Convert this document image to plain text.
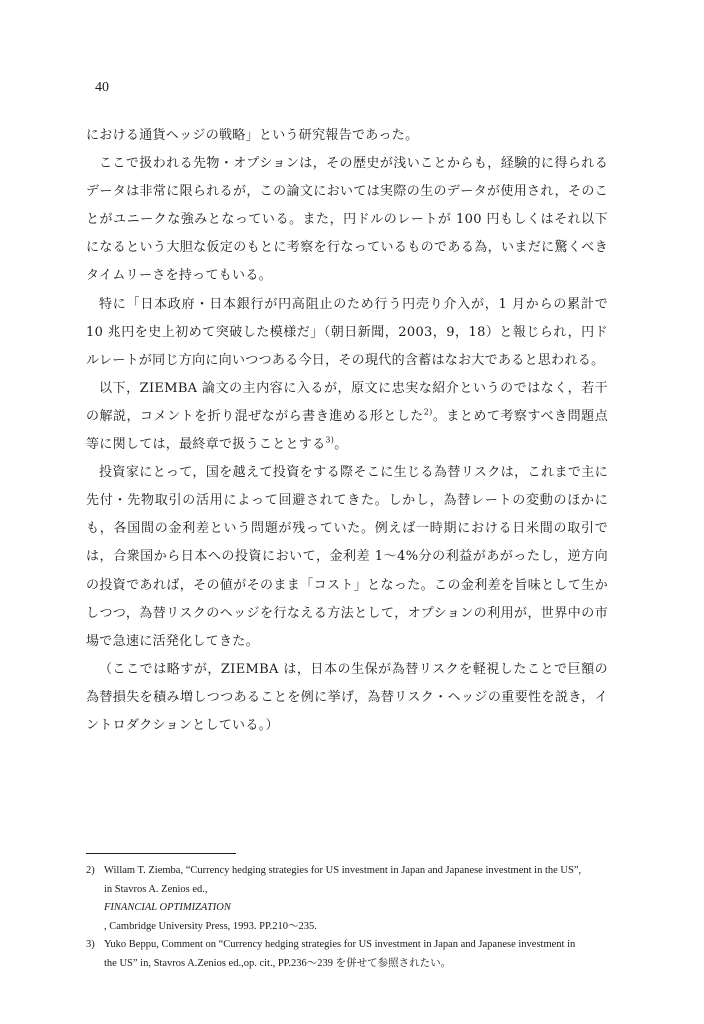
40

における通貨ヘッジの戦略」という研究報告であった。

ここで扱われる先物・オプションは，その歴史が浅いことからも，経験的に得られるデータは非常に限られるが，この論文においては実際の生のデータが使用され，そのことがユニークな強みとなっている。また，円ドルのレートが 100 円もしくはそれ以下になるという大胆な仮定のもとに考察を行なっているものである為，いまだに驚くべきタイムリーさを持ってもいる。

特に「日本政府・日本銀行が円高阻止のため行う円売り介入が，1 月からの累計で 10 兆円を史上初めて突破した模様だ」（朝日新聞，2003，9，18）と報じられ，円ドルレートが同じ方向に向いつつある今日，その現代的含蓄はなお大であると思われる。

以下，ZIEMBA 論文の主内容に入るが，原文に忠実な紹介というのではなく，若干の解説，コメントを折り混ぜながら書き進める形とした$^{2)}$。まとめて考察すべき問題点等に関しては，最終章で扱うこととする$^{3)}$。

投資家にとって，国を越えて投資をする際そこに生じる為替リスクは，これまで主に先付・先物取引の活用によって回避されてきた。しかし，為替レートの変動のほかにも，各国間の金利差という問題が残っていた。例えば一時期における日米間の取引では，合衆国から日本への投資において，金利差 1～4%分の利益があがったし，逆方向の投資であれば，その値がそのまま「コスト」となった。この金利差を旨味として生かしつつ，為替リスクのヘッジを行なえる方法として，オプションの利用が，世界中の市場で急速に活発化してきた。

（ここでは略すが，ZIEMBA は，日本の生保が為替リスクを軽視したことで巨額の為替損失を積み増しつつあることを例に挙げ，為替リスク・ヘッジの重要性を説き，イントロダクションとしている。）

2) Willam T. Ziemba, “Currency hedging strategies for US investment in Japan and Japanese investment in the US”,
in Stavros A. Zenios ed.,
FINANCIAL OPTIMIZATION
, Cambridge University Press, 1993. PP.210～235.
3) Yuko Beppu, Comment on “Currency hedging strategies for US investment in Japan and Japanese investment in
the US” in, Stavros A.Zenios ed.,op. cit., PP.236～239 を併せて参照されたい。
